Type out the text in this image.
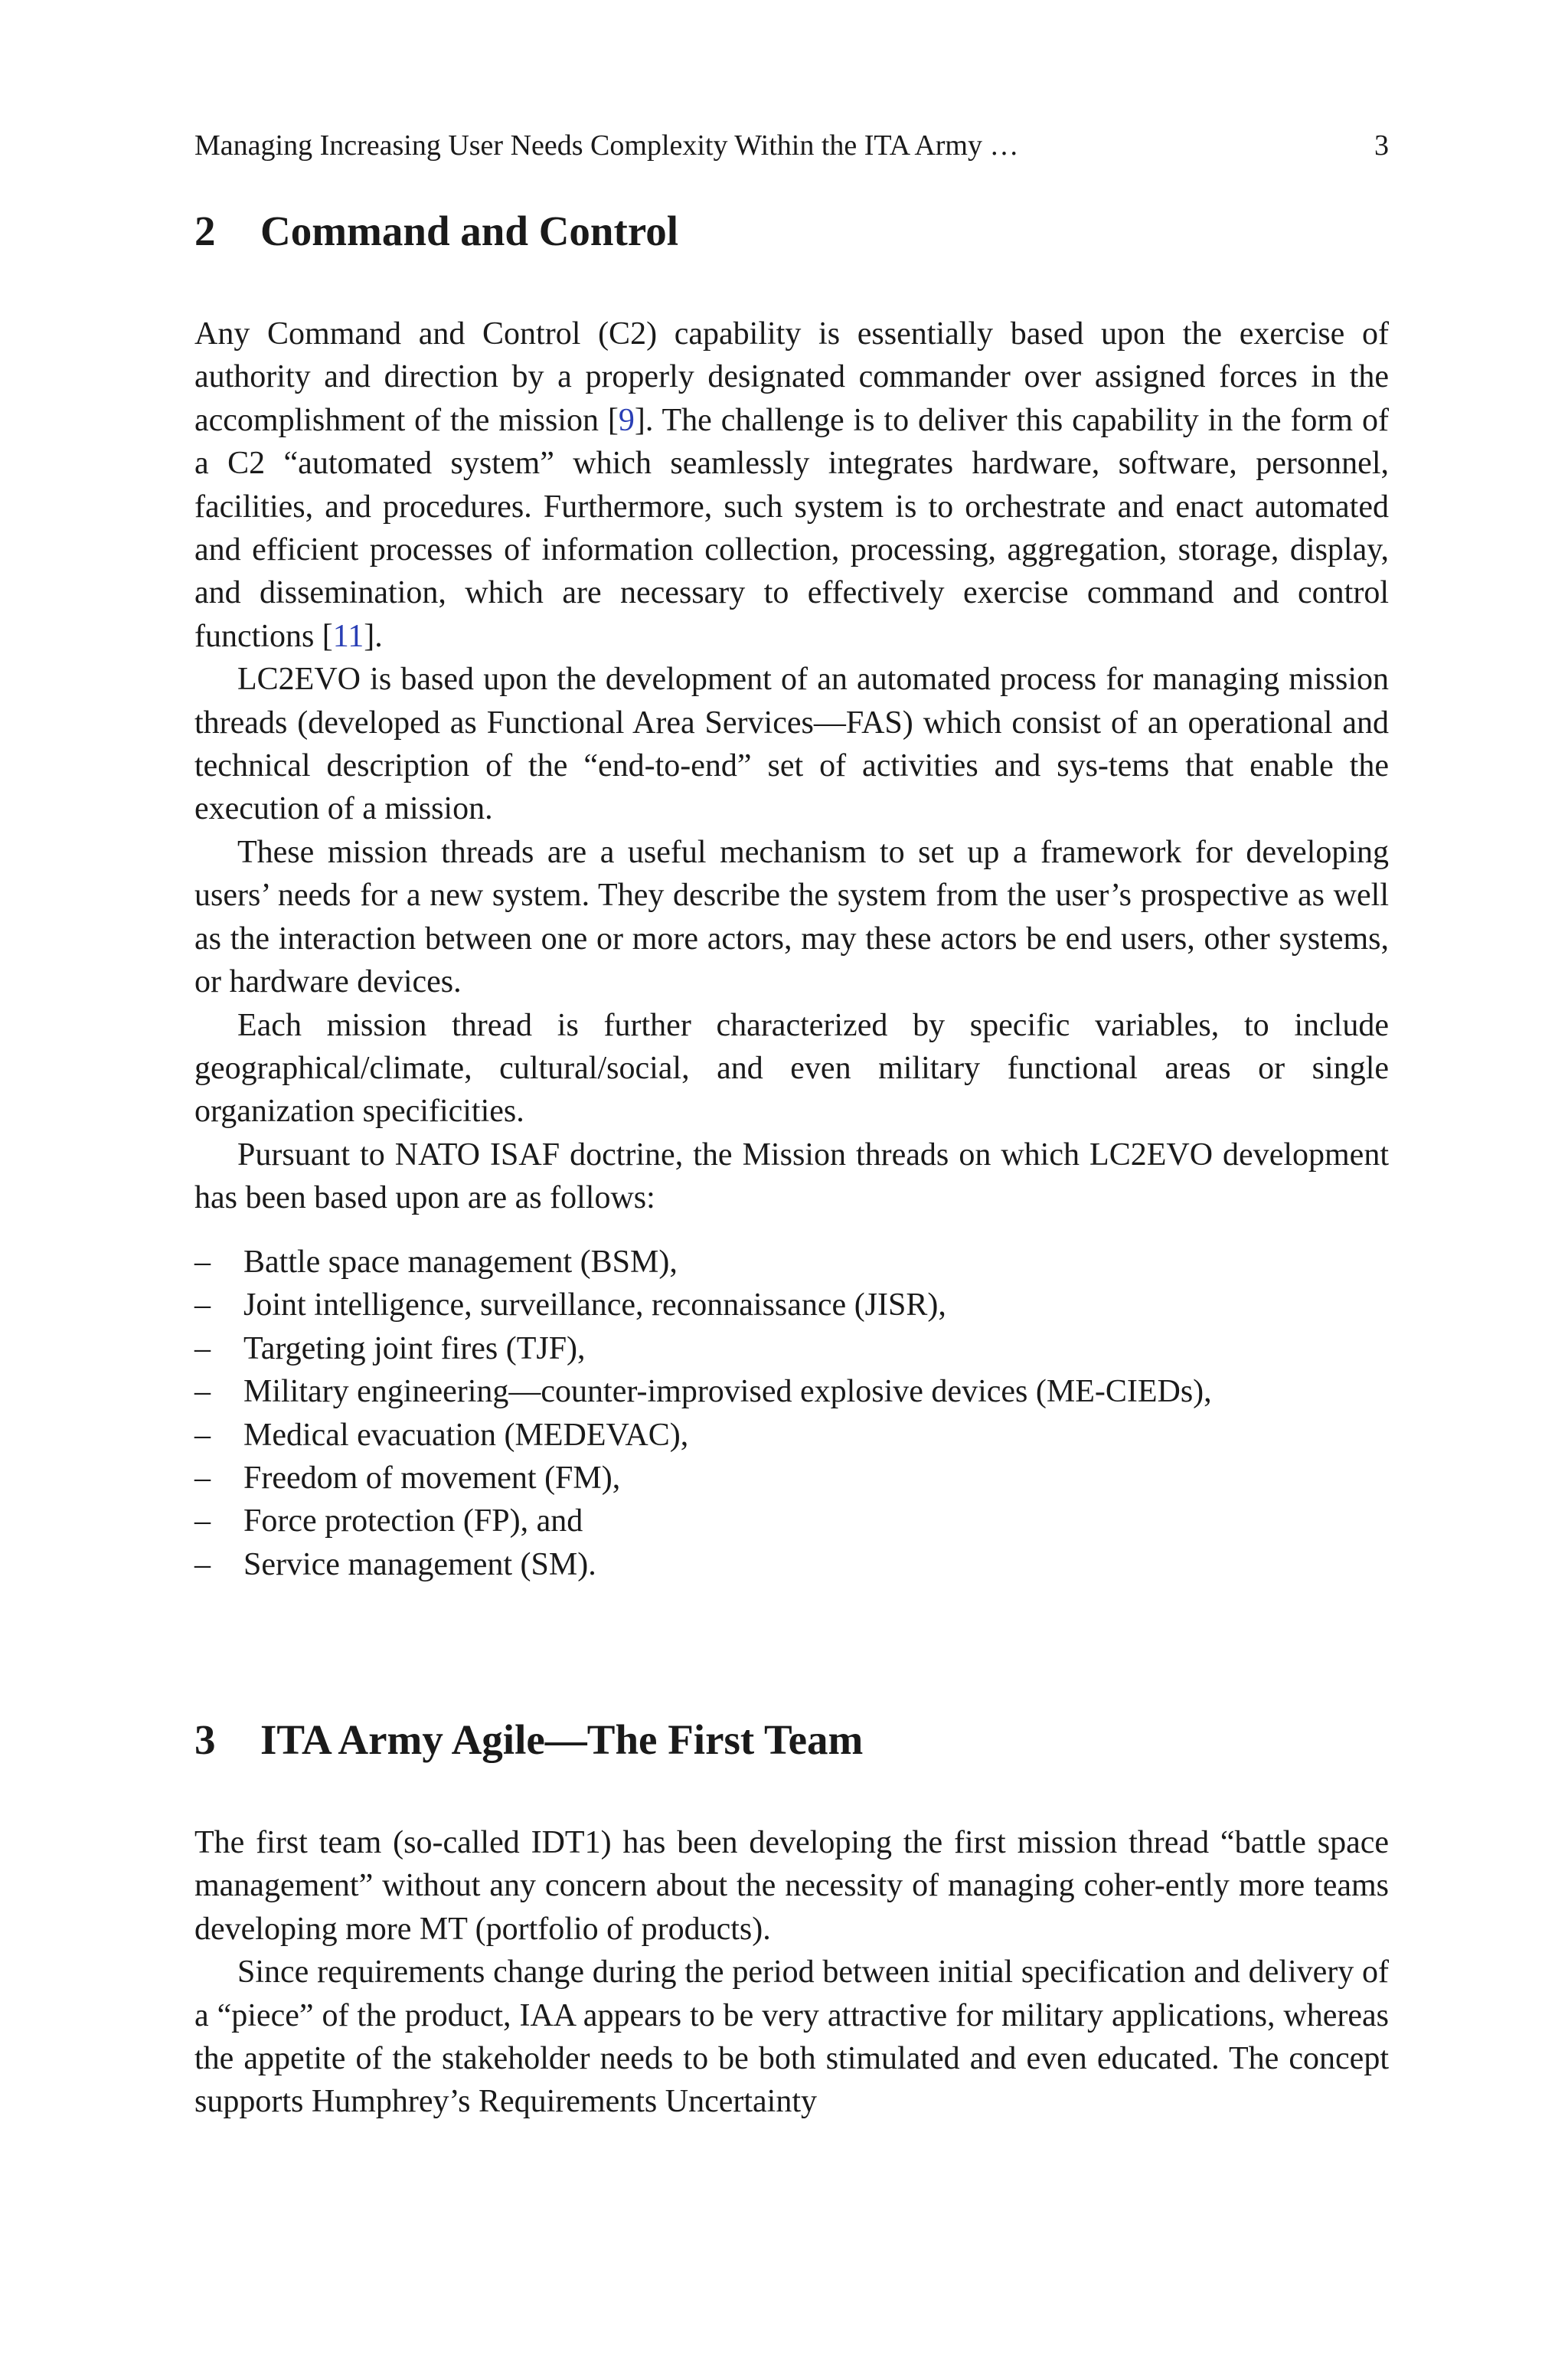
Managing Increasing User Needs Complexity Within the ITA Army …	3
2 Command and Control

Any Command and Control (C2) capability is essentially based upon the exercise of authority and direction by a properly designated commander over assigned forces in the accomplishment of the mission [9]. The challenge is to deliver this capability in the form of a C2 “automated system” which seamlessly integrates hardware, software, personnel, facilities, and procedures. Furthermore, such system is to orchestrate and enact automated and efficient processes of information collection, processing, aggregation, storage, display, and dissemination, which are necessary to effectively exercise command and control functions [11].

LC2EVO is based upon the development of an automated process for managing mission threads (developed as Functional Area Services—FAS) which consist of an operational and technical description of the “end-to-end” set of activities and sys-tems that enable the execution of a mission.

These mission threads are a useful mechanism to set up a framework for developing users’ needs for a new system. They describe the system from the user’s prospective as well as the interaction between one or more actors, may these actors be end users, other systems, or hardware devices.

Each mission thread is further characterized by specific variables, to include geographical/climate, cultural/social, and even military functional areas or single organization specificities.

Pursuant to NATO ISAF doctrine, the Mission threads on which LC2EVO development has been based upon are as follows:

– Battle space management (BSM),
– Joint intelligence, surveillance, reconnaissance (JISR),
– Targeting joint fires (TJF),
– Military engineering—counter-improvised explosive devices (ME-CIEDs),
– Medical evacuation (MEDEVAC),
– Freedom of movement (FM),
– Force protection (FP), and
– Service management (SM).
3 ITA Army Agile—The First Team

The first team (so-called IDT1) has been developing the first mission thread “battle space management” without any concern about the necessity of managing coher-ently more teams developing more MT (portfolio of products).

Since requirements change during the period between initial specification and delivery of a “piece” of the product, IAA appears to be very attractive for military applications, whereas the appetite of the stakeholder needs to be both stimulated and even educated. The concept supports Humphrey’s Requirements Uncertainty
